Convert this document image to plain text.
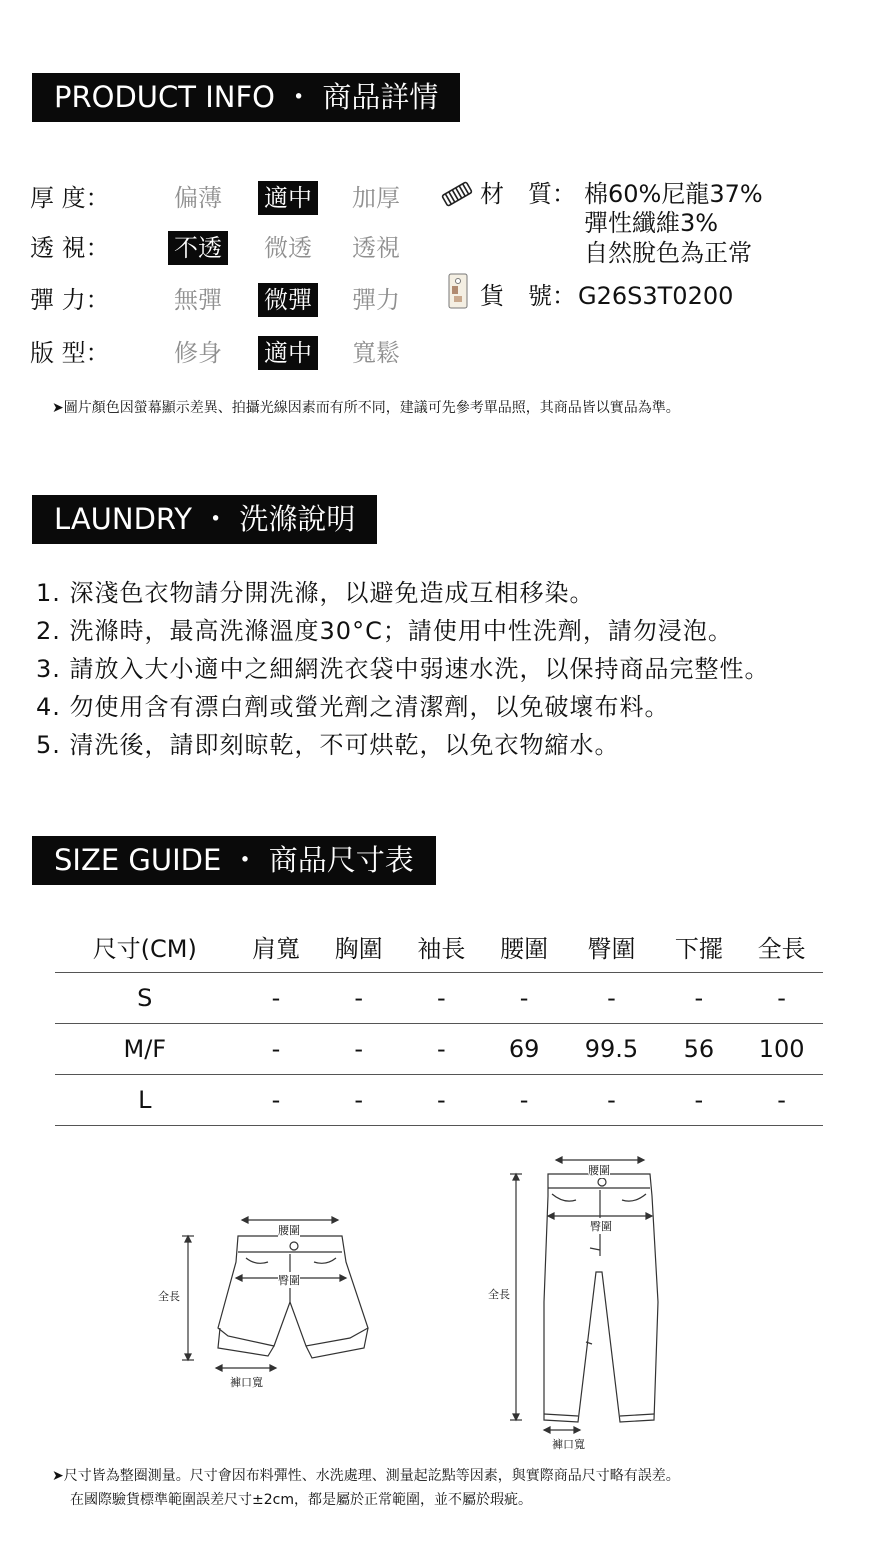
PRODUCT INFO ・ 商品詳情
厚 度：	偏薄 適中 加厚
透 視：	不透 微透 透視
彈 力：	無彈 微彈 彈力
版 型：	修身 適中 寬鬆
材　質： 棉60%尼龍37%
彈性纖維3%
自然脫色為正常
貨　號： G26S3T0200
➤圖片顏色因螢幕顯示差異、拍攝光線因素而有所不同，建議可先參考單品照，其商品皆以實品為準。
LAUNDRY ・ 洗滌說明
1. 深淺色衣物請分開洗滌，以避免造成互相移染。
2. 洗滌時，最高洗滌溫度30°C；請使用中性洗劑，請勿浸泡。
3. 請放入大小適中之細網洗衣袋中弱速水洗，以保持商品完整性。
4. 勿使用含有漂白劑或螢光劑之清潔劑，以免破壞布料。
5. 清洗後，請即刻晾乾，不可烘乾，以免衣物縮水。
SIZE GUIDE ・ 商品尺寸表
尺寸(CM)	肩寬	胸圍	袖長	腰圍	臀圍	下擺	全長
S	-	-	-	-	-	-	-
M/F	-	-	-	69	99.5	56	100
L	-	-	-	-	-	-	-
腰圍
臀圍
全長
褲口寬
腰圍
臀圍
全長
褲口寬
➤尺寸皆為整圈測量。尺寸會因布料彈性、水洗處理、測量起訖點等因素，與實際商品尺寸略有誤差。
在國際驗貨標準範圍誤差尺寸±2cm，都是屬於正常範圍，並不屬於瑕疵。
